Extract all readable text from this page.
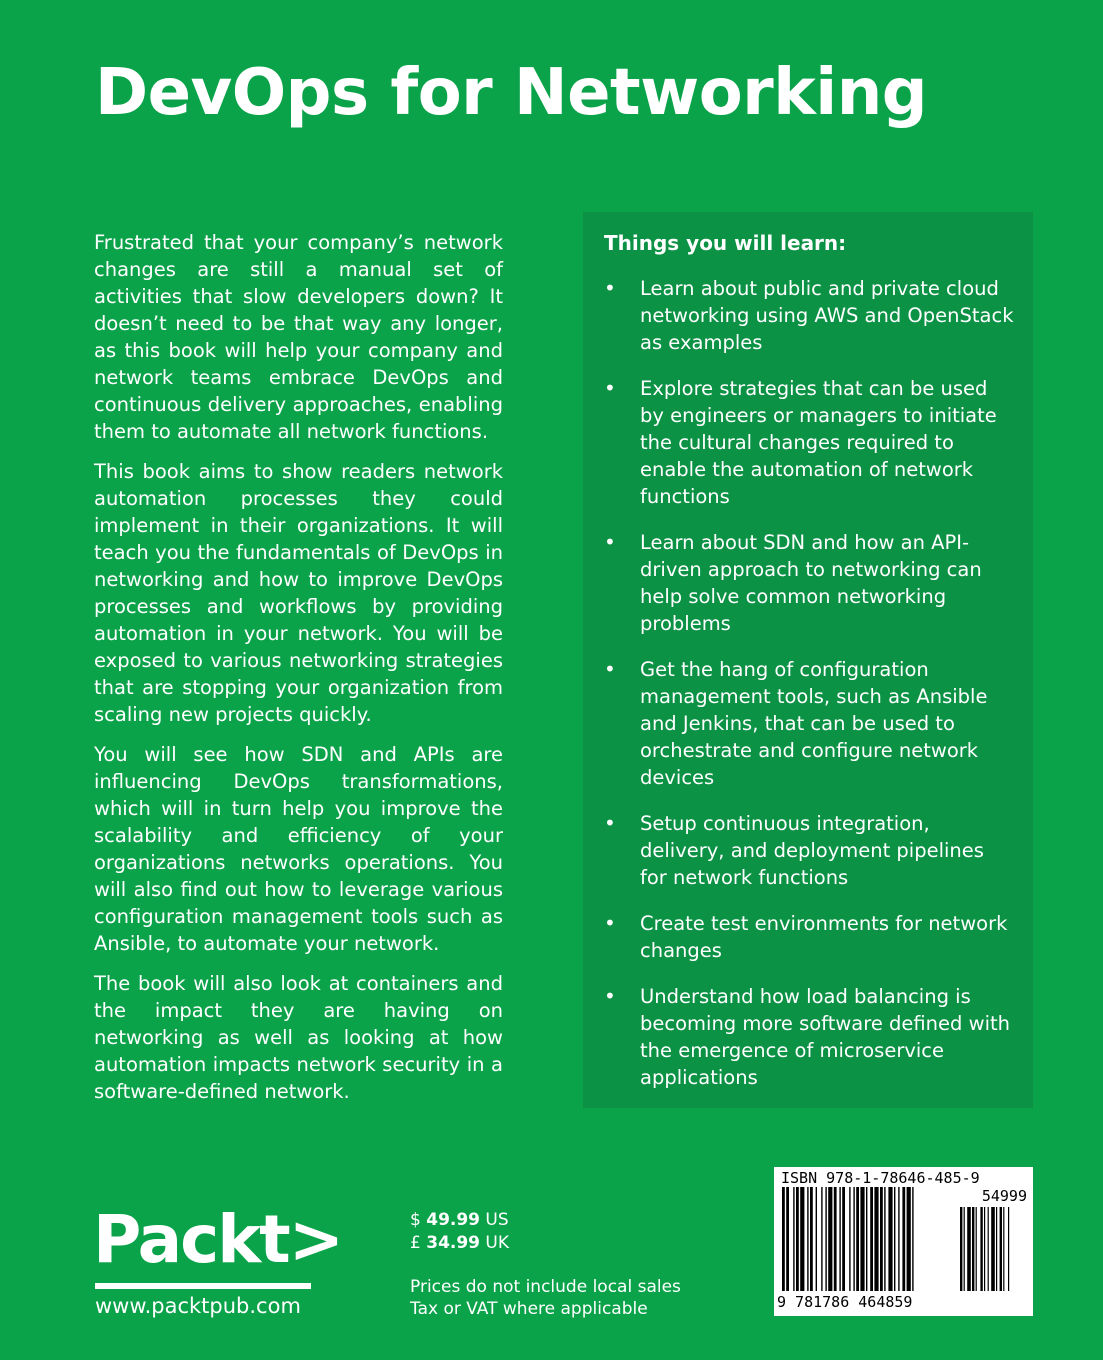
DevOps for Networking

Frustrated that your company’s network changes are still a manual set of activities that slow developers down? It doesn’t need to be that way any longer, as this book will help your company and network teams embrace DevOps and continuous delivery approaches, enabling them to automate all network functions.

This book aims to show readers network automation processes they could implement in their organizations. It will teach you the fundamentals of DevOps in networking and how to improve DevOps processes and workflows by providing automation in your network. You will be exposed to various networking strategies that are stopping your organization from scaling new projects quickly.

You will see how SDN and APIs are influencing DevOps transformations, which will in turn help you improve the scalability and efficiency of your organizations networks operations. You will also find out how to leverage various configuration management tools such as Ansible, to automate your network.

The book will also look at containers and the impact they are having on networking as well as looking at how automation impacts network security in a software-defined network.

Things you will learn:
• Learn about public and private cloud networking using AWS and OpenStack as examples
• Explore strategies that can be used by engineers or managers to initiate the cultural changes required to enable the automation of network functions
• Learn about SDN and how an API-driven approach to networking can help solve common networking problems
• Get the hang of configuration management tools, such as Ansible and Jenkins, that can be used to orchestrate and configure network devices
• Setup continuous integration, delivery, and deployment pipelines for network functions
• Create test environments for network changes
• Understand how load balancing is becoming more software defined with the emergence of microservice applications
Packt>
www.packtpub.com
$ 49.99 US
£ 34.99 UK
Prices do not include local sales
Tax or VAT where applicable
ISBN 978-1-78646-485-9
54999
9 781786 464859
